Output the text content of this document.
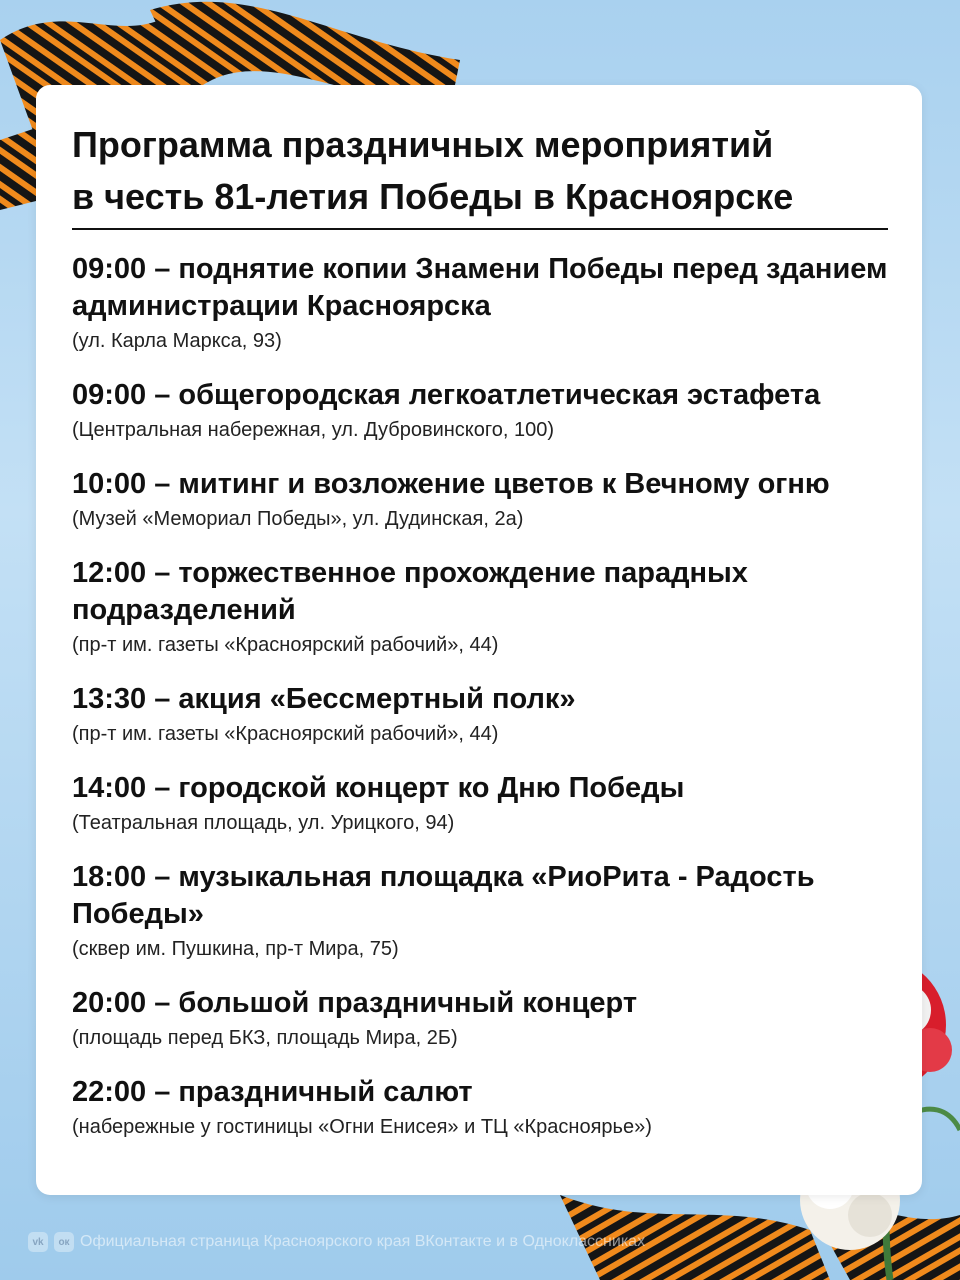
Программа праздничных мероприятий
в честь 81-летия Победы в Красноярске
09:00 – поднятие копии Знамени Победы перед зданием администрации Красноярска
(ул. Карла Маркса, 93)
09:00 – общегородская легкоатлетическая эстафета
(Центральная набережная, ул. Дубровинского, 100)
10:00 – митинг и возложение цветов к Вечному огню
(Музей «Мемориал Победы», ул. Дудинская, 2а)
12:00 – торжественное прохождение парадных подразделений
(пр-т им. газеты «Красноярский рабочий», 44)
13:30 – акция «Бессмертный полк»
(пр-т им. газеты «Красноярский рабочий», 44)
14:00 – городской концерт ко Дню Победы
(Театральная площадь, ул. Урицкого, 94)
18:00 – музыкальная площадка «РиоРита - Радость Победы»
(сквер им. Пушкина, пр-т Мира, 75)
20:00 – большой праздничный концерт
(площадь перед БКЗ, площадь Мира, 2Б)
22:00 – праздничный салют
(набережные у гостиницы «Огни Енисея» и ТЦ «Красноярье»)
vk	ок Официальная страница Красноярского края ВКонтакте и в Одноклассниках
